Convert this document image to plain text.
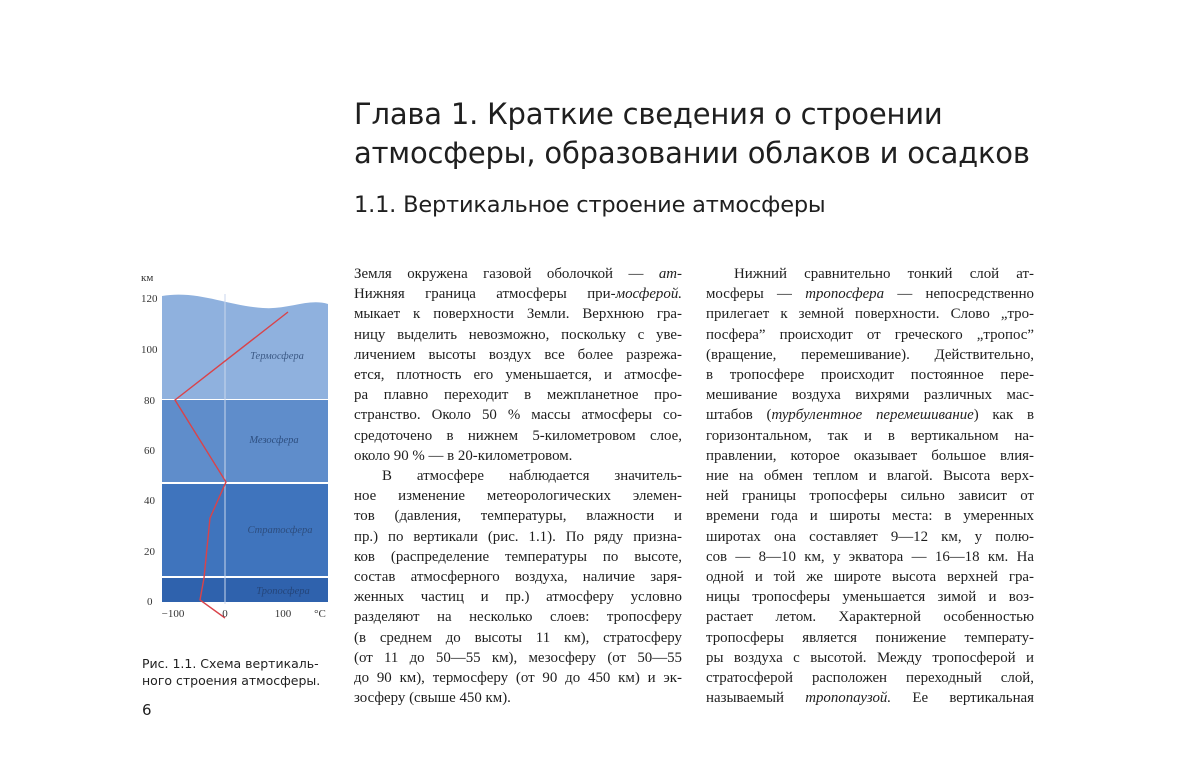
Глава 1. Краткие сведения о строении
атмосферы, образовании облаков и осадков
1.1. Вертикальное строение атмосферы
Термосфера
Мезосфера
Стратосфера
Тропосфера
км
120
100
80
60
40
20
0
−100	0	100 °C

Рис. 1.1. Схема вертикаль-
ного строения атмосферы.

6

Земля окружена газовой оболочкой — ат-
Нижняя граница атмосферы при-мосферой.
мыкает к поверхности Земли. Верхнюю гра-
ницу выделить невозможно, поскольку с уве-
личением высоты воздух все более разрежа-
ется, плотность его уменьшается, и атмосфе-
ра плавно переходит в межпланетное про-
странство. Около 50 % массы атмосферы со-
средоточено в нижнем 5-километровом слое,
около 90 % — в 20-километровом.
В атмосфере наблюдается значитель-
ное изменение метеорологических элемен-
тов (давления, температуры, влажности и
пр.) по вертикали (рис. 1.1). По ряду призна-
ков (распределение температуры по высоте,
состав атмосферного воздуха, наличие заря-
женных частиц и пр.) атмосферу условно
разделяют на несколько слоев: тропосферу
(в среднем до высоты 11 км), стратосферу
(от 11 до 50—55 км), мезосферу (от 50—55
до 90 км), термосферу (от 90 до 450 км) и эк-
зосферу (свыше 450 км).
Нижний сравнительно тонкий слой ат-
мосферы — тропосфера — непосредственно
прилегает к земной поверхности. Слово „тро-
посфера” происходит от греческого „тропос”
(вращение, перемешивание). Действительно,
в тропосфере происходит постоянное пере-
мешивание воздуха вихрями различных мас-
штабов (турбулентное перемешивание) как в
горизонтальном, так и в вертикальном на-
правлении, которое оказывает большое влия-
ние на обмен теплом и влагой. Высота верх-
ней границы тропосферы сильно зависит от
времени года и широты места: в умеренных
широтах она составляет 9—12 км, у полю-
сов — 8—10 км, у экватора — 16—18 км. На
одной и той же широте высота верхней гра-
ницы тропосферы уменьшается зимой и воз-
растает летом. Характерной особенностью
тропосферы является понижение температу-
ры воздуха с высотой. Между тропосферой и
стратосферой расположен переходный слой,
называемый тропопаузой. Ее вертикальная
